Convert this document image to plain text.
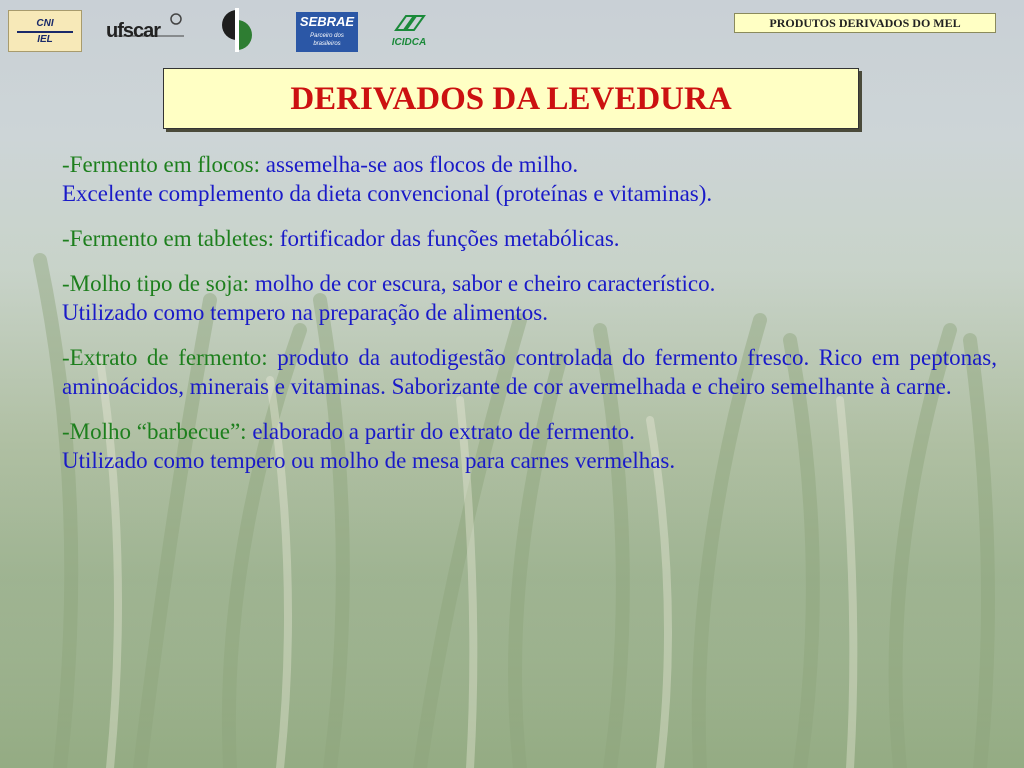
CNI
IEL	ufscar	SEBRAE
Parceiro dos brasileiros	ICIDCA
PRODUTOS DERIVADOS DO MEL
DERIVADOS DA LEVEDURA

-Fermento em flocos: assemelha-se aos flocos de milho.
Excelente complemento da dieta convencional (proteínas e vitaminas).

-Fermento em tabletes: fortificador das funções metabólicas.

-Molho tipo de soja: molho de cor escura, sabor e cheiro característico.
Utilizado como tempero na preparação de alimentos.

-Extrato de fermento: produto da autodigestão controlada do fermento fresco. Rico em peptonas, aminoácidos, minerais e vitaminas. Saborizante de cor avermelhada e cheiro semelhante à carne.

-Molho “barbecue”: elaborado a partir do extrato de fermento.
Utilizado como tempero ou molho de mesa para carnes vermelhas.
